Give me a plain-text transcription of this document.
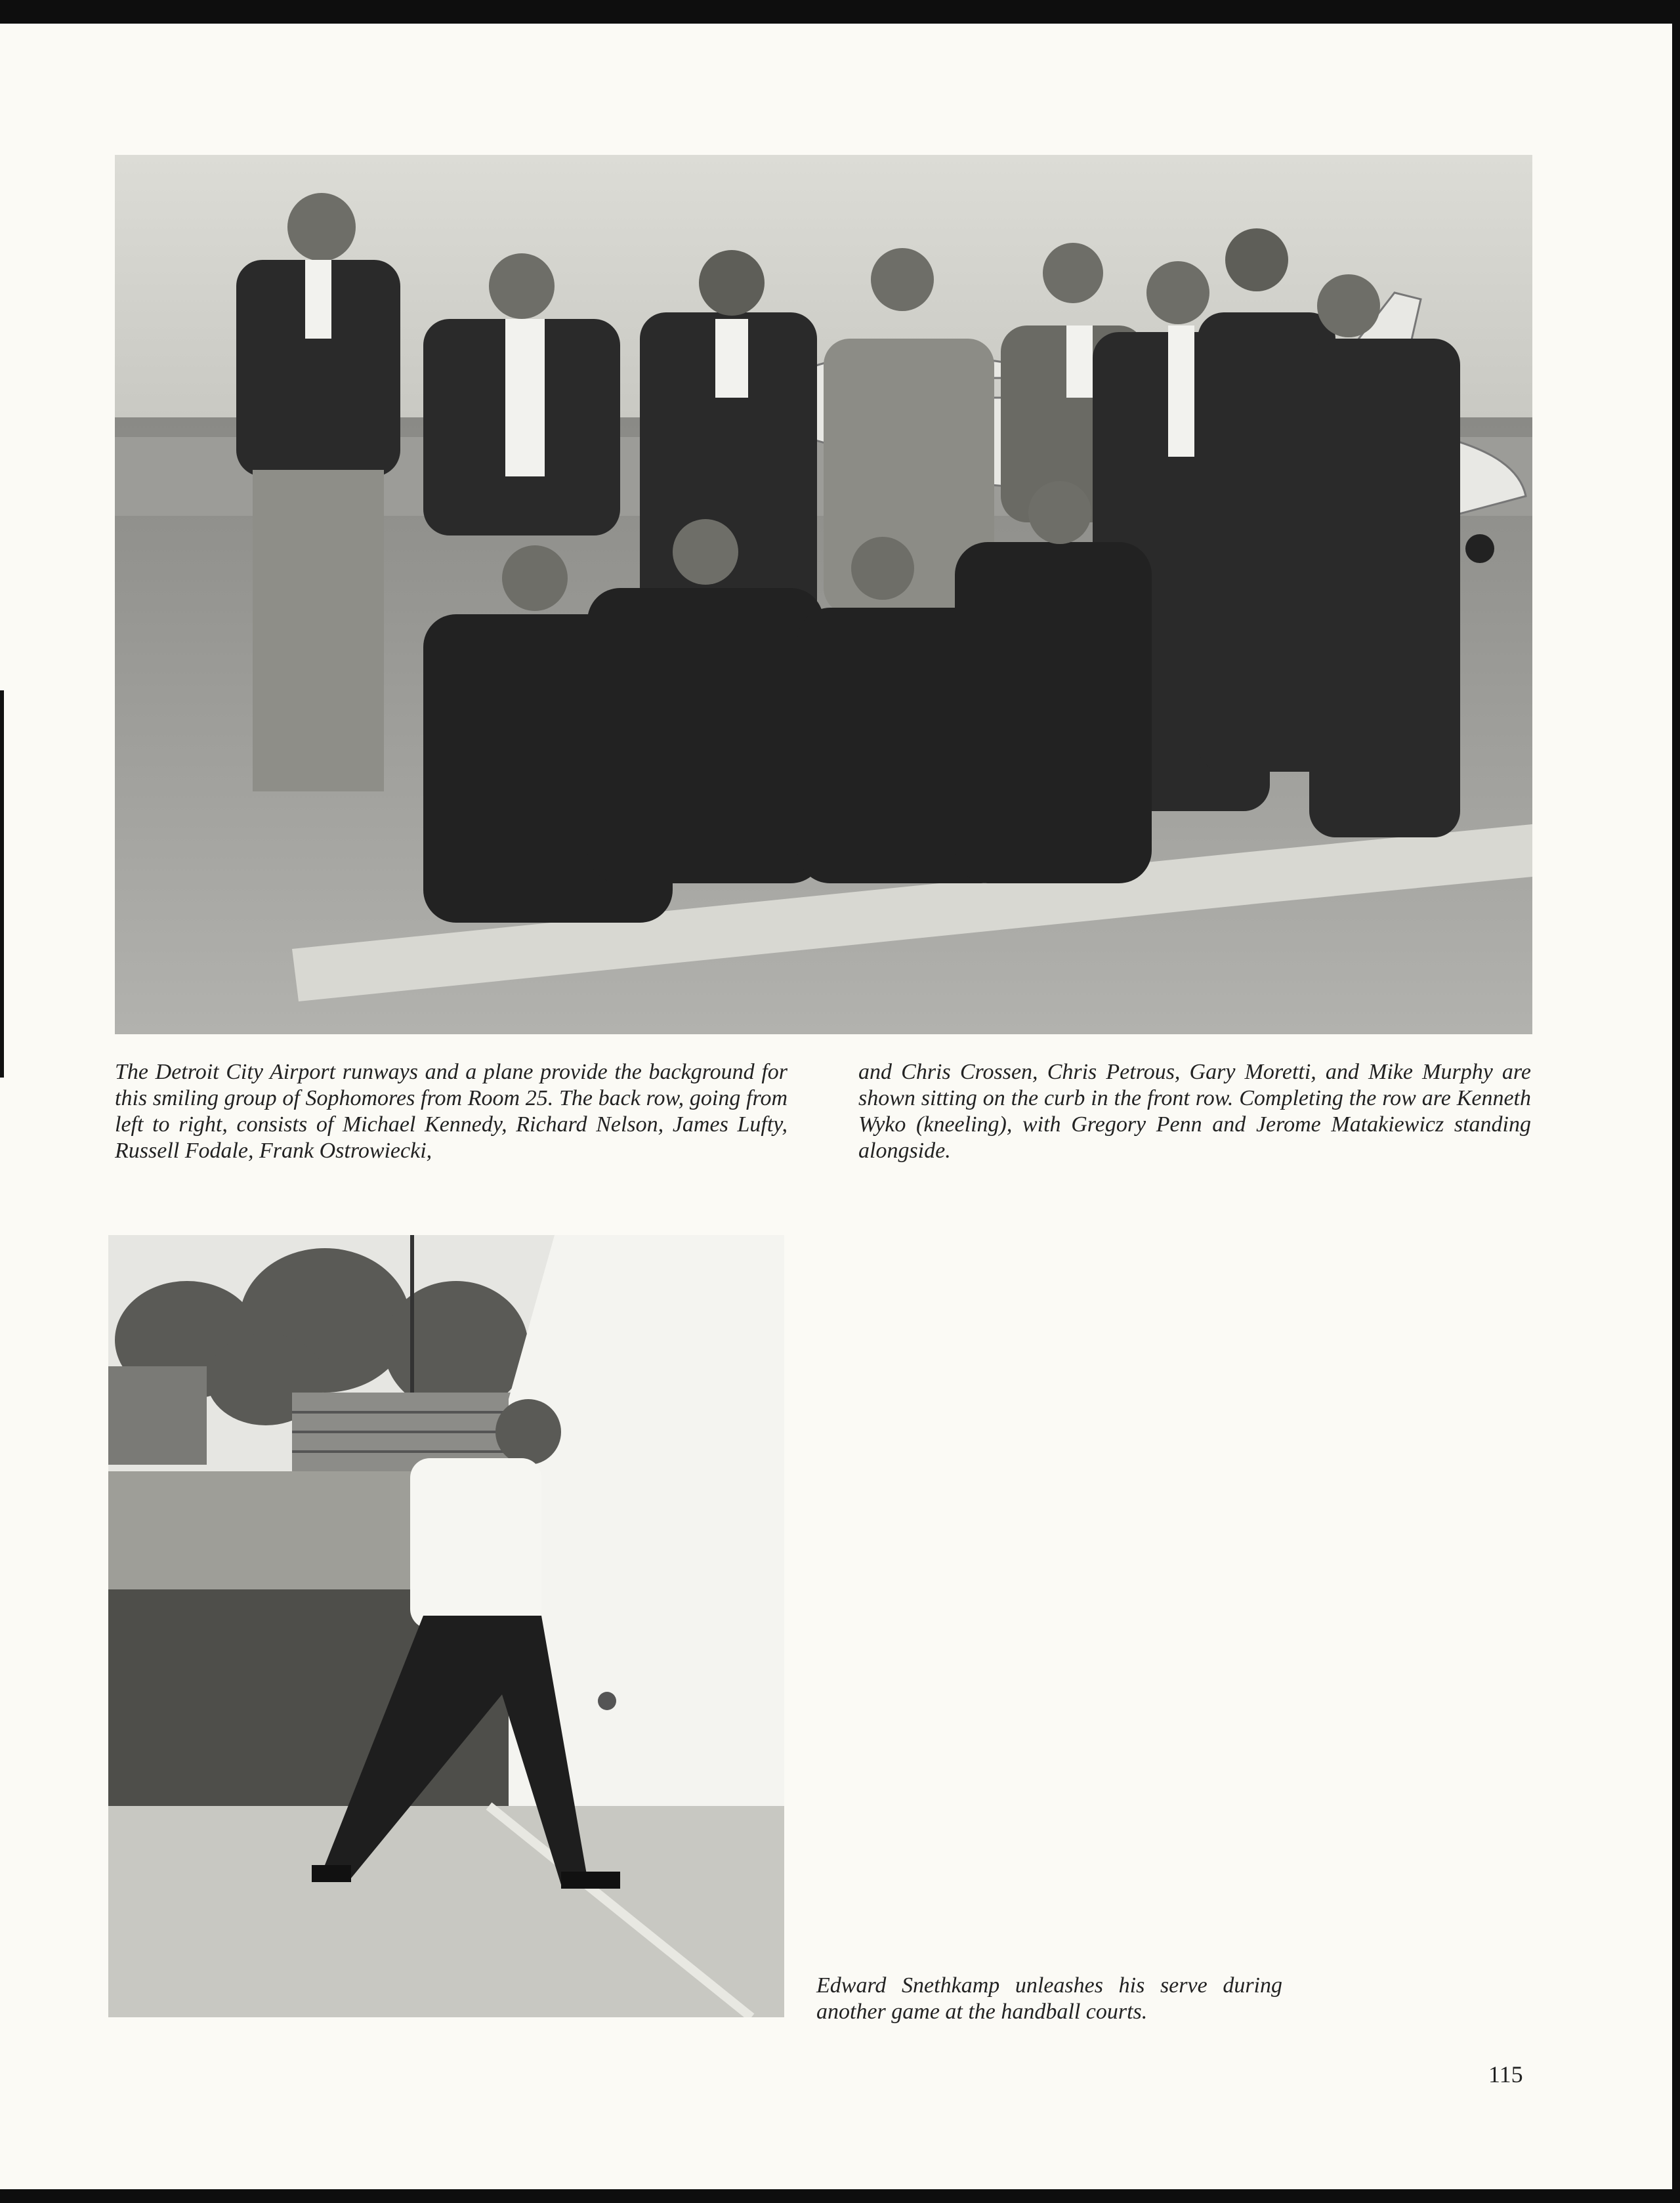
The Detroit City Airport runways and a plane provide the background for this smiling group of Sophomores from Room 25. The back row, going from left to right, consists of Michael Kennedy, Richard Nelson, James Lufty, Russell Fodale, Frank Ostrowiecki,

and Chris Crossen, Chris Petrous, Gary Moretti, and Mike Murphy are shown sitting on the curb in the front row. Completing the row are Kenneth Wyko (kneeling), with Gregory Penn and Jerome Matakiewicz standing alongside.

Edward Snethkamp unleashes his serve during another game at the handball courts.

115
